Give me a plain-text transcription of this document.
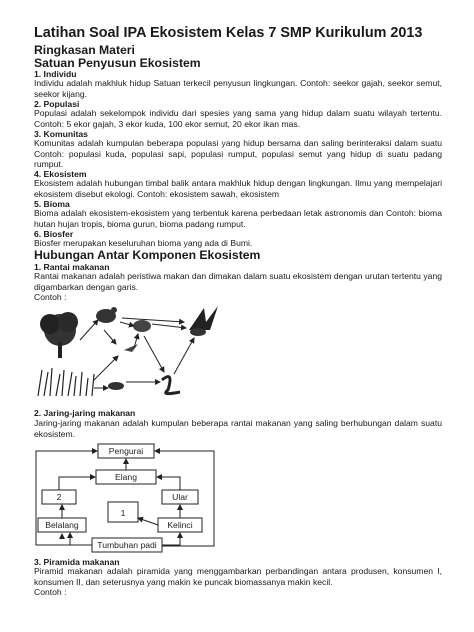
Latihan Soal IPA Ekosistem Kelas 7 SMP Kurikulum 2013
Ringkasan Materi
Satuan Penyusun Ekosistem
1. Individu
Individu adalah makhluk hidup Satuan terkecil penyusun lingkungan. Contoh: seekor gajah, seekor semut, seekor kijang.
2. Populasi
Populasi adalah sekelompok individu dari spesies yang sama yang hidup dalam suatu wilayah tertentu. Contoh: 5 ekor gajah, 3 ekor kuda, 100 ekor semut, 20 ekor ikan mas.
3. Komunitas
Komunitas adalah kumpulan beberapa populasi yang hidup bersama dan saling berinteraksi dalam suatu Contoh: populasi kuda, populasi sapi, populasi rumput, populasi semut yang hidup di suatu padang rumput.
4. Ekosistem
Ekosistem adalah hubungan timbal balik antara makhluk hidup dengan lingkungan. Ilmu yang mempelajari ekosistem disebut ekologi. Contoh: ekosistem sawah, ekosistem
5. Bioma
Bioma adalah ekosistem-ekosistem yang terbentuk karena perbedaan letak astronomis dan Contoh: bioma hutan hujan tropis, bioma gurun, bioma padang rumput.
6. Biosfer
Biosfer merupakan keseluruhan bioma yang ada di Bumi.
Hubungan Antar Komponen Ekosistem
1. Rantai makanan
Rantai makanan adalah peristiwa makan dan dimakan dalam suatu ekosistem dengan urutan tertentu yang digambarkan dengan garis.
Contoh :
2. Jaring-jaring makanan
Jaring-jaring makanan adalah kumpulan beberapa rantai makanan yang saling berhubungan dalam suatu ekosistem.
Pengurai
Elang
Ular
2
1
Belalang	Kelinci
Tumbuhan padi
3. Piramida makanan
Piramid makanan adalah piramida yang menggambarkan perbandingan antara produsen, konsumen I, konsumen II, dan seterusnya yang makin ke puncak biomassanya makin kecil.
Contoh :
